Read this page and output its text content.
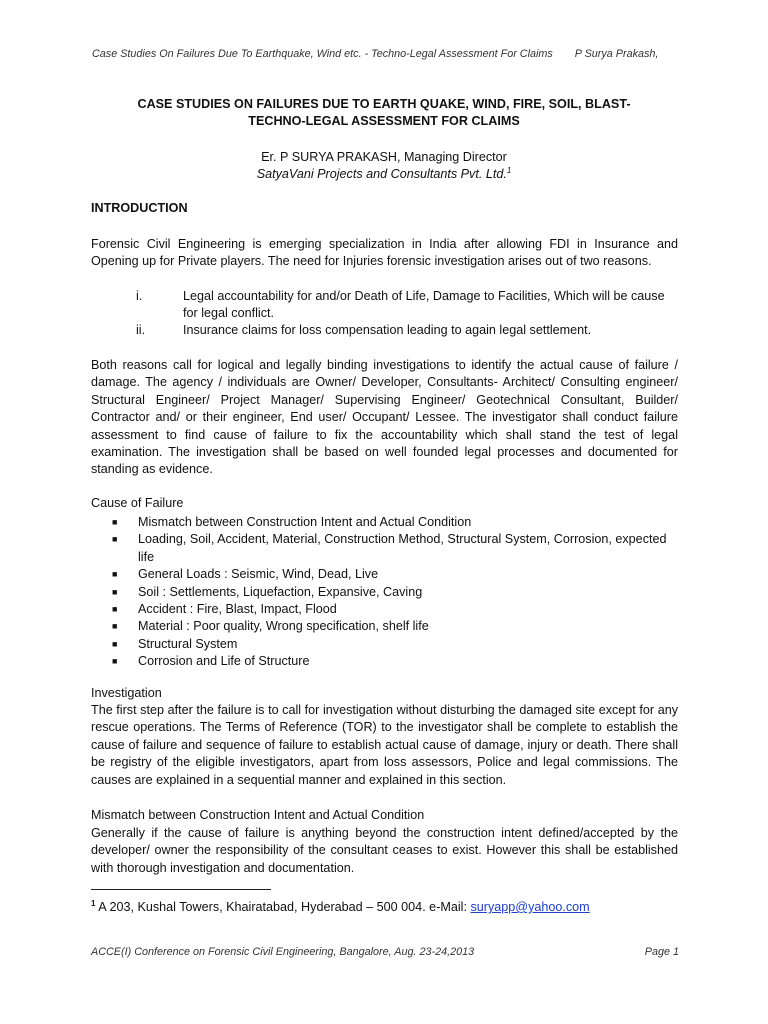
Case Studies On Failures Due To Earthquake, Wind etc. - Techno-Legal Assessment For Claims P Surya Prakash,
CASE STUDIES ON FAILURES DUE TO EARTH QUAKE, WIND, FIRE, SOIL, BLAST-
TECHNO-LEGAL ASSESSMENT FOR CLAIMS
Er. P SURYA PRAKASH, Managing Director
SatyaVani Projects and Consultants Pvt. Ltd.$^1$
INTRODUCTION
Forensic Civil Engineering is emerging specialization in India after allowing FDI in Insurance and Opening up for Private players. The need for Injuries forensic investigation arises out of two reasons.
i.	Legal accountability for and/or Death of Life, Damage to Facilities, Which will be cause for legal conflict.
ii.	Insurance claims for loss compensation leading to again legal settlement.
Both reasons call for logical and legally binding investigations to identify the actual cause of failure / damage. The agency / individuals are Owner/ Developer, Consultants- Architect/ Consulting engineer/ Structural Engineer/ Project Manager/ Supervising Engineer/ Geotechnical Consultant, Builder/ Contractor and/ or their engineer, End user/ Occupant/ Lessee. The investigator shall conduct failure assessment to find cause of failure to fix the accountability which shall stand the test of legal examination. The investigation shall be based on well founded legal processes and documented for standing as evidence.
Cause of Failure
■ Mismatch between Construction Intent and Actual Condition
■ Loading, Soil, Accident, Material, Construction Method, Structural System, Corrosion, expected life
■ General Loads : Seismic, Wind, Dead, Live
■ Soil : Settlements, Liquefaction, Expansive, Caving
■ Accident : Fire, Blast, Impact, Flood
■ Material : Poor quality, Wrong specification, shelf life
■ Structural System
■ Corrosion and Life of Structure
Investigation
The first step after the failure is to call for investigation without disturbing the damaged site except for any rescue operations. The Terms of Reference (TOR) to the investigator shall be complete to establish the cause of failure and sequence of failure to establish actual cause of damage, injury or death. There shall be registry of the eligible investigators, apart from loss assessors, Police and legal commissions. The causes are explained in a sequential manner and explained in this section.
Mismatch between Construction Intent and Actual Condition
Generally if the cause of failure is anything beyond the construction intent defined/accepted by the developer/ owner the responsibility of the consultant ceases to exist. However this shall be established with thorough investigation and documentation.
$^1$ A 203, Kushal Towers, Khairatabad, Hyderabad – 500 004. e-Mail: suryapp@yahoo.com
ACCE(I) Conference on Forensic Civil Engineering, Bangalore, Aug. 23-24,2013	Page 1
